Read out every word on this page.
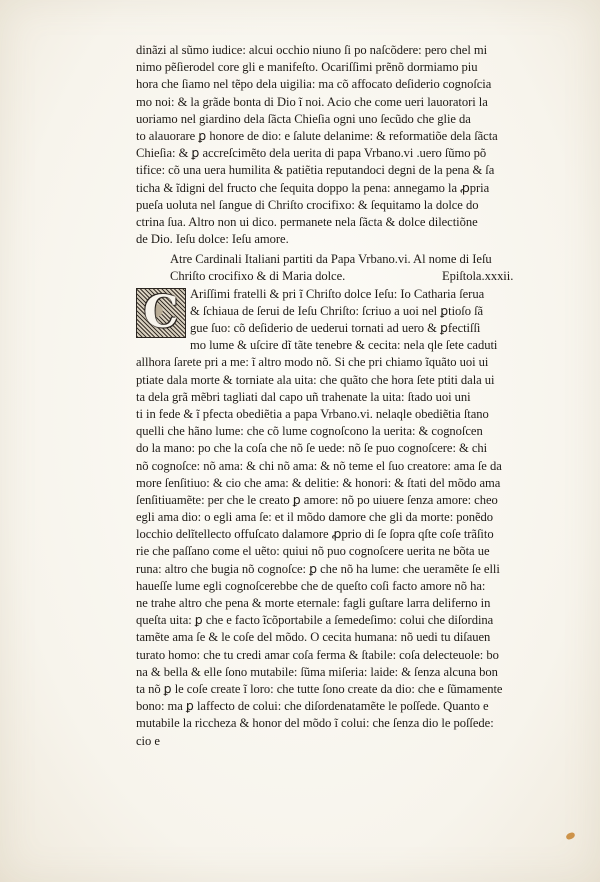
dinãzi al sũmo iudice: alcui occhio niuno ſi po naſcõdere: pero chel mi
nimo pẽſierodel core gli e manifeſto. Ocariſſimi prẽnõ dormiamo piu
hora che ſiamo nel tẽpo dela uigilia: ma cõ affocato deſiderio cognoſcia
mo noi: & la grãde bonta di Dio ĩ noi. Acio che come ueri lauoratori la
uoriamo nel giardino dela ſãcta Chieſia ogni uno ſecũdo che glie da
to alauorare ꝑ honore de dio: e ſalute delanime: & reformatiõe dela ſãcta
Chieſia: & ꝑ accreſcimẽto dela uerita di papa Vrbano.vi .uero ſũmo põ
tifice: cõ una uera humilita & patiẽtia reputandoci degni de la pena & ſa
ticha & ĩdigni del fructo che ſequita doppo la pena: annegamo la ꝓpria
pueſa uoluta nel ſangue di Chriſto crocifixo: & ſequitamo la dolce do
ctrina ſua. Altro non ui dico. permanete nela ſãcta & dolce dilectiõne
de Dio. Ieſu dolce: Ieſu amore.
Atre Cardinali Italiani partiti da Papa Vrbano.vi. Al nome di Ieſu
Chriſto crocifixo & di Maria dolce.	Epiſtola.xxxii.
C Ariſſimi fratelli & pri ĩ Chriſto dolce Ieſu: Io Catharia ſerua
& ſchiaua de ſerui de Ieſu Chriſto: ſcriuo a uoi nel ꝑtioſo ſã
gue ſuo: cõ deſiderio de uederui tornati ad uero & ꝑfectiſſi
mo lume & uſcire dĩ tãte tenebre & cecita: nela qle ſete caduti
allhora ſarete pri a me: ĩ altro modo nõ. Si che pri chiamo ĩquãto uoi ui
ptiate dala morte & torniate ala uita: che quãto che hora ſete ptiti dala ui
ta dela grã mẽbri tagliati dal capo uñ trahenate la uita: ſtado uoi uni
ti in fede & ĩ pfecta obediẽtia a papa Vrbano.vi. nelaqle obediẽtia ſtano
quelli che hãno lume: che cõ lume cognoſcono la uerita: & cognoſcen
do la mano: po che la coſa che nõ ſe uede: nõ ſe puo cognoſcere: & chi
nõ cognoſce: nõ ama: & chi nõ ama: & nõ teme el ſuo creatore: ama ſe da
more ſenſitiuo: & cio che ama: & delitie: & honori: & ſtati del mõdo ama
ſenſitiuamẽte: per che le creato ꝑ amore: nõ po uiuere ſenza amore: cheo
egli ama dio: o egli ama ſe: et il mõdo damore che gli da morte: ponẽdo
locchio delĩtellecto offuſcato dalamore ꝓprio di ſe ſopra qſte coſe trãſito
rie che paſſano come el uẽto: quiui nõ puo cognoſcere uerita ne bõta ue
runa: altro che bugia nõ cognoſce: ꝑ che nõ ha lume: che ueramẽte ſe elli
haueſſe lume egli cognoſcerebbe che de queſto coſi facto amore nõ ha:
ne trahe altro che pena & morte eternale: fagli guſtare larra deliferno in
queſta uita: ꝑ che e facto ĩcõportabile a ſemedeſimo: colui che diſordina
tamẽte ama ſe & le coſe del mõdo. O cecita humana: nõ uedi tu diſauen
turato homo: che tu credi amar coſa ferma & ſtabile: coſa delecteuole: bo
na & bella & elle ſono mutabile: ſũma miſeria: laide: & ſenza alcuna bon
ta nõ ꝑ le coſe create ĩ loro: che tutte ſono create da dio: che e ſũmamente
bono: ma ꝑ laffecto de colui: che diſordenatamẽte le poſſede. Quanto e
mutabile la riccheza & honor del mõdo ĩ colui: che ſenza dio le poſſede:
cio e
